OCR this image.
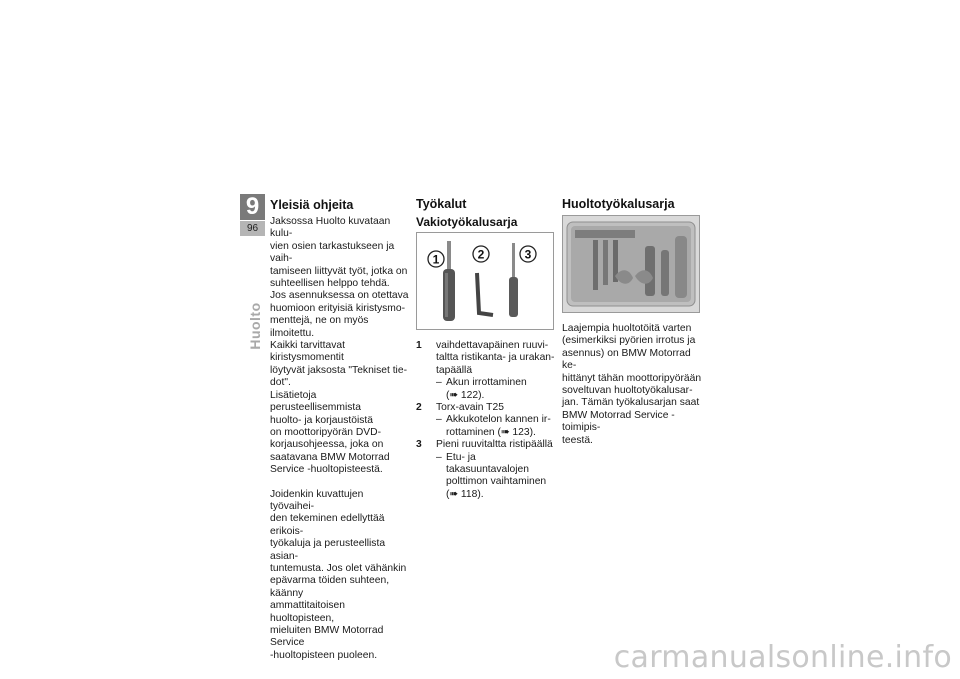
9
96
Huolto
Yleisiä ohjeita

Jaksossa Huolto kuvataan kulu-
vien osien tarkastukseen ja vaih-
tamiseen liittyvät työt, jotka on
suhteellisen helppo tehdä.
Jos asennuksessa on otettava
huomioon erityisiä kiristysmo-
menttejä, ne on myös ilmoitettu.
Kaikki tarvittavat kiristysmomentit
löytyvät jaksosta "Tekniset tie-
dot".
Lisätietoja perusteellisemmista
huolto- ja korjaustöistä
on moottoripyörän DVD-
korjausohjeessa, joka on
saatavana BMW Motorrad
Service -huoltopisteestä.

Joidenkin kuvattujen työvaihei-
den tekeminen edellyttää erikois-
työkaluja ja perusteellista asian-
tuntemusta. Jos olet vähänkin
epävarma töiden suhteen, käänny
ammattitaitoisen huoltopisteen,
mieluiten BMW Motorrad Service
-huoltopisteen puoleen.

Työkalut
Vakiotyökalusarja
1	2	3
1 vaihdettavapäinen ruuvi-
taltta ristikanta- ja urakan-
tapäällä
– Akun irrottaminen
(➠ 122).
2 Torx-avain T25
– Akkukotelon kannen ir-
rottaminen (➠ 123).
3 Pieni ruuvitaltta ristipäällä
– Etu- ja takasuuntavalojen
polttimon vaihtaminen
(➠ 118).
Huoltotyökalusarja

Laajempia huoltotöitä varten
(esimerkiksi pyörien irrotus ja
asennus) on BMW Motorrad ke-
hittänyt tähän moottoripyörään
soveltuvan huoltotyökalusar-
jan. Tämän työkalusarjan saat
BMW Motorrad Service -toimipis-
teestä.

carmanualsonline.info
